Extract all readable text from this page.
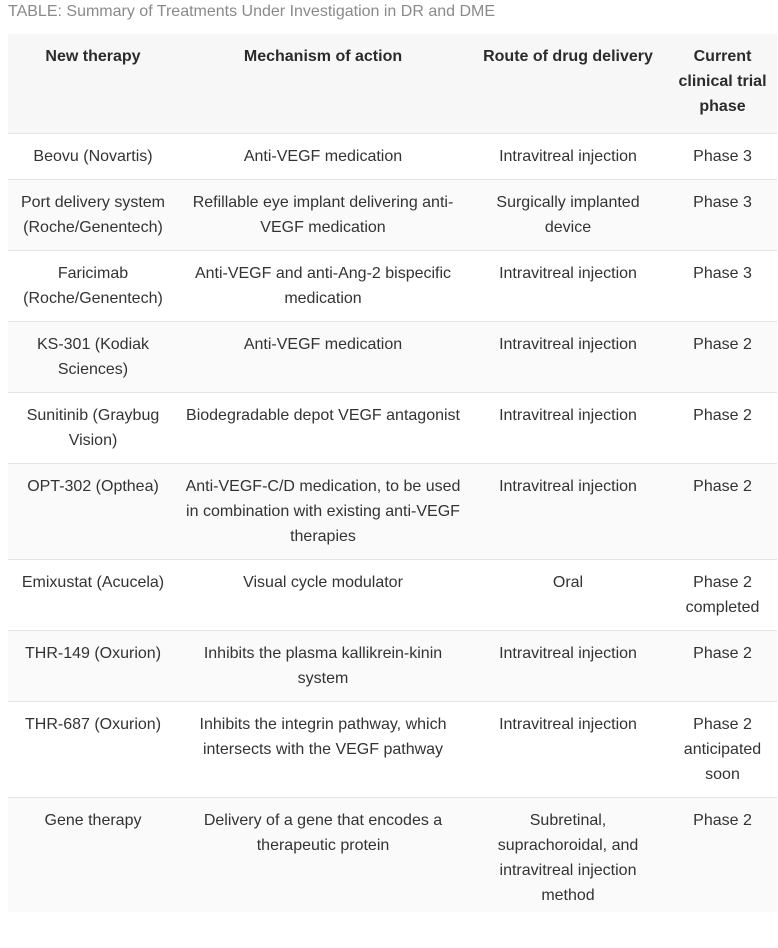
TABLE: Summary of Treatments Under Investigation in DR and DME
New therapy	Mechanism of action	Route of drug delivery	Current clinical trial phase
Beovu (Novartis)	Anti-VEGF medication	Intravitreal injection	Phase 3
Port delivery system (Roche/Genentech)	Refillable eye implant delivering anti-VEGF medication	Surgically implanted device	Phase 3
Faricimab (Roche/Genentech)	Anti-VEGF and anti-Ang-2 bispecific medication	Intravitreal injection	Phase 3
KS-301 (Kodiak Sciences)	Anti-VEGF medication	Intravitreal injection	Phase 2
Sunitinib (Graybug Vision)	Biodegradable depot VEGF antagonist	Intravitreal injection	Phase 2
OPT-302 (Opthea)	Anti-VEGF-C/D medication, to be used in combination with existing anti-VEGF therapies	Intravitreal injection	Phase 2
Emixustat (Acucela)	Visual cycle modulator	Oral	Phase 2 completed
THR-149 (Oxurion)	Inhibits the plasma kallikrein-kinin system	Intravitreal injection	Phase 2
THR-687 (Oxurion)	Inhibits the integrin pathway, which intersects with the VEGF pathway	Intravitreal injection	Phase 2 anticipated soon
Gene therapy	Delivery of a gene that encodes a therapeutic protein	Subretinal, suprachoroidal, and intravitreal injection method	Phase 2
